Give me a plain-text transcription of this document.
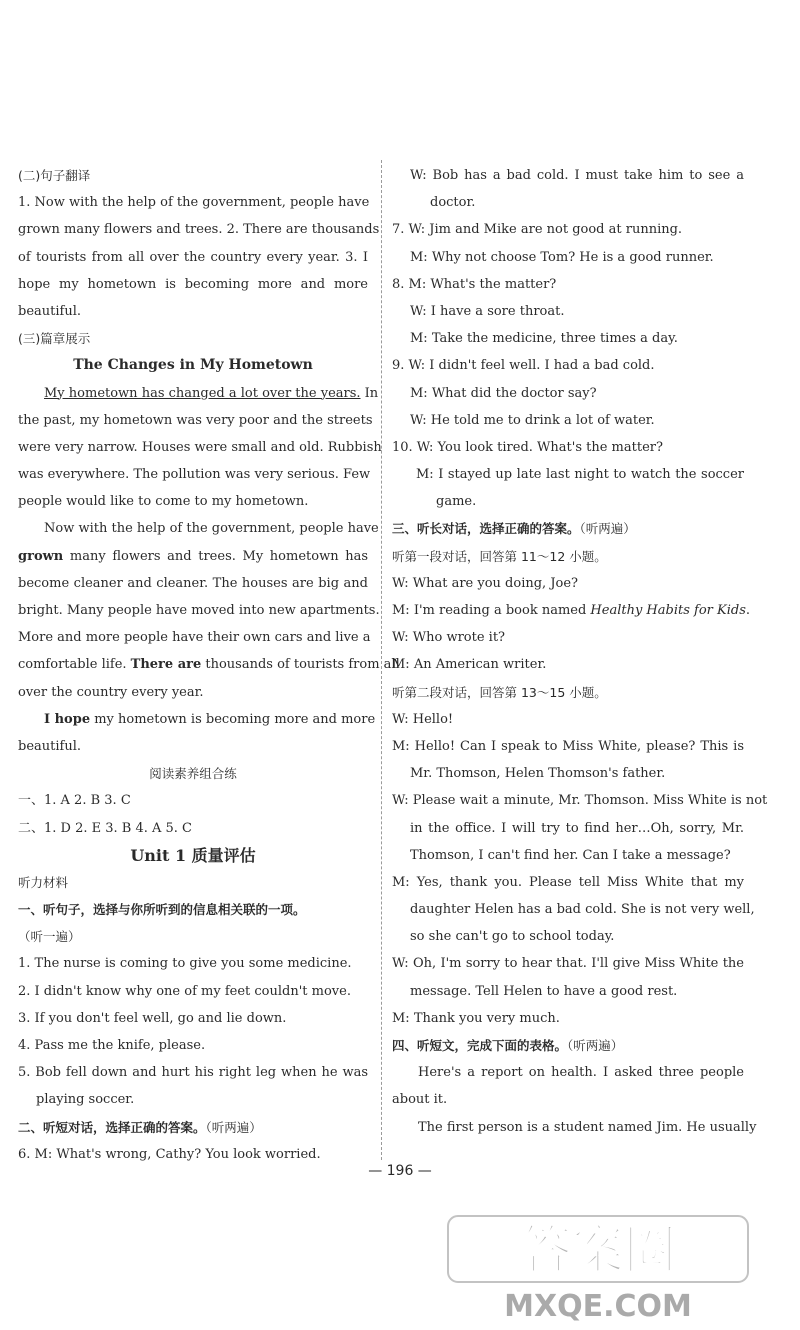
(二)句子翻译
1. Now with the help of the government, people have
grown many flowers and trees. 2. There are thousands
of tourists from all over the country every year. 3. I
hope my hometown is becoming more and more
beautiful.
(三)篇章展示
The Changes in My Hometown
My hometown has changed a lot over the years. In
the past, my hometown was very poor and the streets
were very narrow. Houses were small and old. Rubbish
was everywhere. The pollution was very serious. Few
people would like to come to my hometown.
Now with the help of the government, people have
grown many flowers and trees. My hometown has
become cleaner and cleaner. The houses are big and
bright. Many people have moved into new apartments.
More and more people have their own cars and live a
comfortable life. There are thousands of tourists from all
over the country every year.
I hope my hometown is becoming more and more
beautiful.
阅读素养组合练
一、1. A 2. B 3. C
二、1. D 2. E 3. B 4. A 5. C
Unit 1 质量评估
听力材料
一、听句子，选择与你所听到的信息相关联的一项。
（听一遍）
1. The nurse is coming to give you some medicine.
2. I didn't know why one of my feet couldn't move.
3. If you don't feel well, go and lie down.
4. Pass me the knife, please.
5. Bob fell down and hurt his right leg when he was
playing soccer.
二、听短对话，选择正确的答案。（听两遍）
6. M: What's wrong, Cathy? You look worried.
W: Bob has a bad cold. I must take him to see a
doctor.
7. W: Jim and Mike are not good at running.
M: Why not choose Tom? He is a good runner.
8. M: What's the matter?
W: I have a sore throat.
M: Take the medicine, three times a day.
9. W: I didn't feel well. I had a bad cold.
M: What did the doctor say?
W: He told me to drink a lot of water.
10. W: You look tired. What's the matter?
M: I stayed up late last night to watch the soccer
game.
三、听长对话，选择正确的答案。（听两遍）
听第一段对话，回答第 11～12 小题。
W: What are you doing, Joe?
M: I'm reading a book named Healthy Habits for Kids.
W: Who wrote it?
M: An American writer.
听第二段对话，回答第 13～15 小题。
W: Hello!
M: Hello! Can I speak to Miss White, please? This is
Mr. Thomson, Helen Thomson's father.
W: Please wait a minute, Mr. Thomson. Miss White is not
in the office. I will try to find her…Oh, sorry, Mr.
Thomson, I can't find her. Can I take a message?
M: Yes, thank you. Please tell Miss White that my
daughter Helen has a bad cold. She is not very well,
so she can't go to school today.
W: Oh, I'm sorry to hear that. I'll give Miss White the
message. Tell Helen to have a good rest.
M: Thank you very much.
四、听短文，完成下面的表格。（听两遍）
Here's a report on health. I asked three people
about it.
The first person is a student named Jim. He usually
— 196 —
答案圈
MXQE.COM
